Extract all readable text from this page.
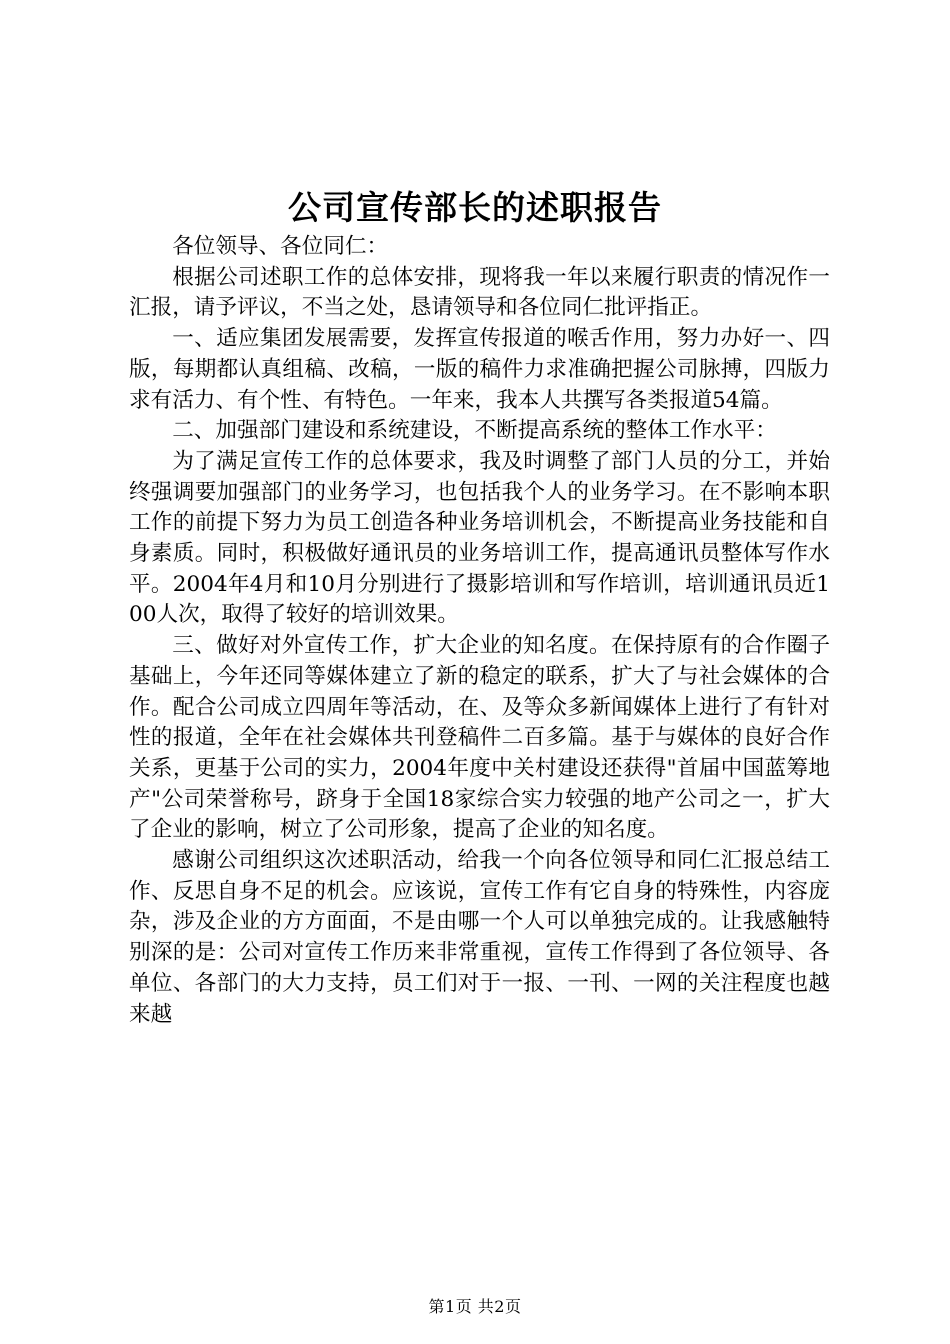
公司宣传部长的述职报告

各位领导、各位同仁：

根据公司述职工作的总体安排，现将我一年以来履行职责的情况作一汇报，请予评议，不当之处，恳请领导和各位同仁批评指正。

一、适应集团发展需要，发挥宣传报道的喉舌作用，努力办好一、四版，每期都认真组稿、改稿，一版的稿件力求准确把握公司脉搏，四版力求有活力、有个性、有特色。一年来，我本人共撰写各类报道54篇。

二、加强部门建设和系统建设，不断提高系统的整体工作水平：

为了满足宣传工作的总体要求，我及时调整了部门人员的分工，并始终强调要加强部门的业务学习，也包括我个人的业务学习。在不影响本职工作的前提下努力为员工创造各种业务培训机会，不断提高业务技能和自身素质。同时，积极做好通讯员的业务培训工作，提高通讯员整体写作水平。2004年4月和10月分别进行了摄影培训和写作培训，培训通讯员近100人次，取得了较好的培训效果。

三、做好对外宣传工作，扩大企业的知名度。在保持原有的合作圈子基础上，今年还同等媒体建立了新的稳定的联系，扩大了与社会媒体的合作。配合公司成立四周年等活动，在、及等众多新闻媒体上进行了有针对性的报道，全年在社会媒体共刊登稿件二百多篇。基于与媒体的良好合作关系，更基于公司的实力，2004年度中关村建设还获得"首届中国蓝筹地产"公司荣誉称号，跻身于全国18家综合实力较强的地产公司之一，扩大了企业的影响，树立了公司形象，提高了企业的知名度。

感谢公司组织这次述职活动，给我一个向各位领导和同仁汇报总结工作、反思自身不足的机会。应该说，宣传工作有它自身的特殊性，内容庞杂，涉及企业的方方面面，不是由哪一个人可以单独完成的。让我感触特别深的是：公司对宣传工作历来非常重视，宣传工作得到了各位领导、各单位、各部门的大力支持，员工们对于一报、一刊、一网的关注程度也越来越

第1页 共2页
